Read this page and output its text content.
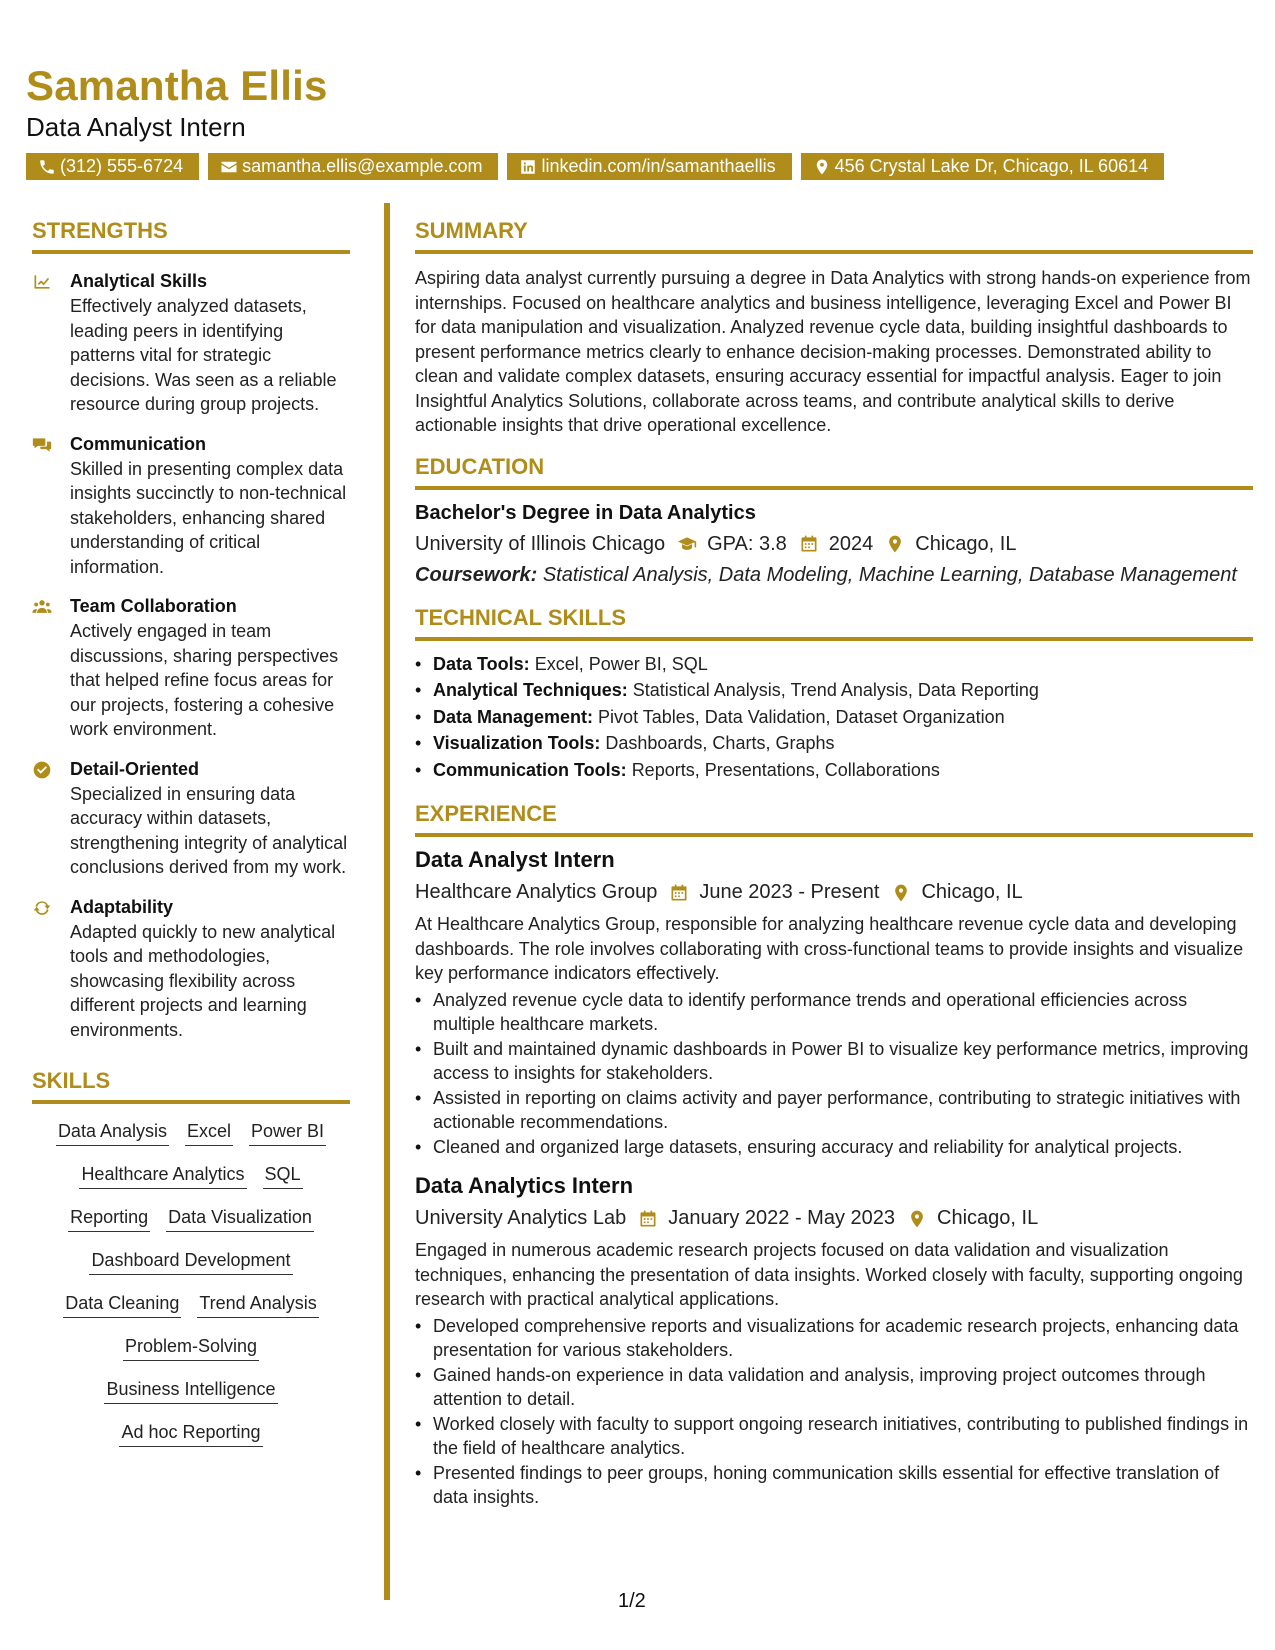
Samantha Ellis
Data Analyst Intern
(312) 555-6724	samantha.ellis@example.com	linkedin.com/in/samanthaellis	456 Crystal Lake Dr, Chicago, IL 60614
STRENGTHS
Analytical Skills
Effectively analyzed datasets, leading peers in identifying patterns vital for strategic decisions. Was seen as a reliable resource during group projects.
Communication
Skilled in presenting complex data insights succinctly to non-technical stakeholders, enhancing shared understanding of critical information.
Team Collaboration
Actively engaged in team discussions, sharing perspectives that helped refine focus areas for our projects, fostering a cohesive work environment.
Detail-Oriented
Specialized in ensuring data accuracy within datasets, strengthening integrity of analytical conclusions derived from my work.
Adaptability
Adapted quickly to new analytical tools and methodologies, showcasing flexibility across different projects and learning environments.
SKILLS
Data Analysis Excel Power BI
Healthcare Analytics SQL
Reporting Data Visualization
Dashboard Development
Data Cleaning Trend Analysis
Problem-Solving
Business Intelligence
Ad hoc Reporting
SUMMARY
Aspiring data analyst currently pursuing a degree in Data Analytics with strong hands-on experience from internships. Focused on healthcare analytics and business intelligence, leveraging Excel and Power BI for data manipulation and visualization. Analyzed revenue cycle data, building insightful dashboards to present performance metrics clearly to enhance decision-making processes. Demonstrated ability to clean and validate complex datasets, ensuring accuracy essential for impactful analysis. Eager to join Insightful Analytics Solutions, collaborate across teams, and contribute analytical skills to derive actionable insights that drive operational excellence.
EDUCATION
Bachelor's Degree in Data Analytics
University of Illinois Chicago GPA: 3.8 2024 Chicago, IL
Coursework: Statistical Analysis, Data Modeling, Machine Learning, Database Management
TECHNICAL SKILLS
• Data Tools: Excel, Power BI, SQL
• Analytical Techniques: Statistical Analysis, Trend Analysis, Data Reporting
• Data Management: Pivot Tables, Data Validation, Dataset Organization
• Visualization Tools: Dashboards, Charts, Graphs
• Communication Tools: Reports, Presentations, Collaborations
EXPERIENCE
Data Analyst Intern
Healthcare Analytics Group June 2023 - Present Chicago, IL
At Healthcare Analytics Group, responsible for analyzing healthcare revenue cycle data and developing dashboards. The role involves collaborating with cross-functional teams to provide insights and visualize key performance indicators effectively.
• Analyzed revenue cycle data to identify performance trends and operational efficiencies across multiple healthcare markets.
• Built and maintained dynamic dashboards in Power BI to visualize key performance metrics, improving access to insights for stakeholders.
• Assisted in reporting on claims activity and payer performance, contributing to strategic initiatives with actionable recommendations.
• Cleaned and organized large datasets, ensuring accuracy and reliability for analytical projects.
Data Analytics Intern
University Analytics Lab January 2022 - May 2023 Chicago, IL
Engaged in numerous academic research projects focused on data validation and visualization techniques, enhancing the presentation of data insights. Worked closely with faculty, supporting ongoing research with practical analytical applications.
• Developed comprehensive reports and visualizations for academic research projects, enhancing data presentation for various stakeholders.
• Gained hands-on experience in data validation and analysis, improving project outcomes through attention to detail.
• Worked closely with faculty to support ongoing research initiatives, contributing to published findings in the field of healthcare analytics.
• Presented findings to peer groups, honing communication skills essential for effective translation of data insights.
1/2
